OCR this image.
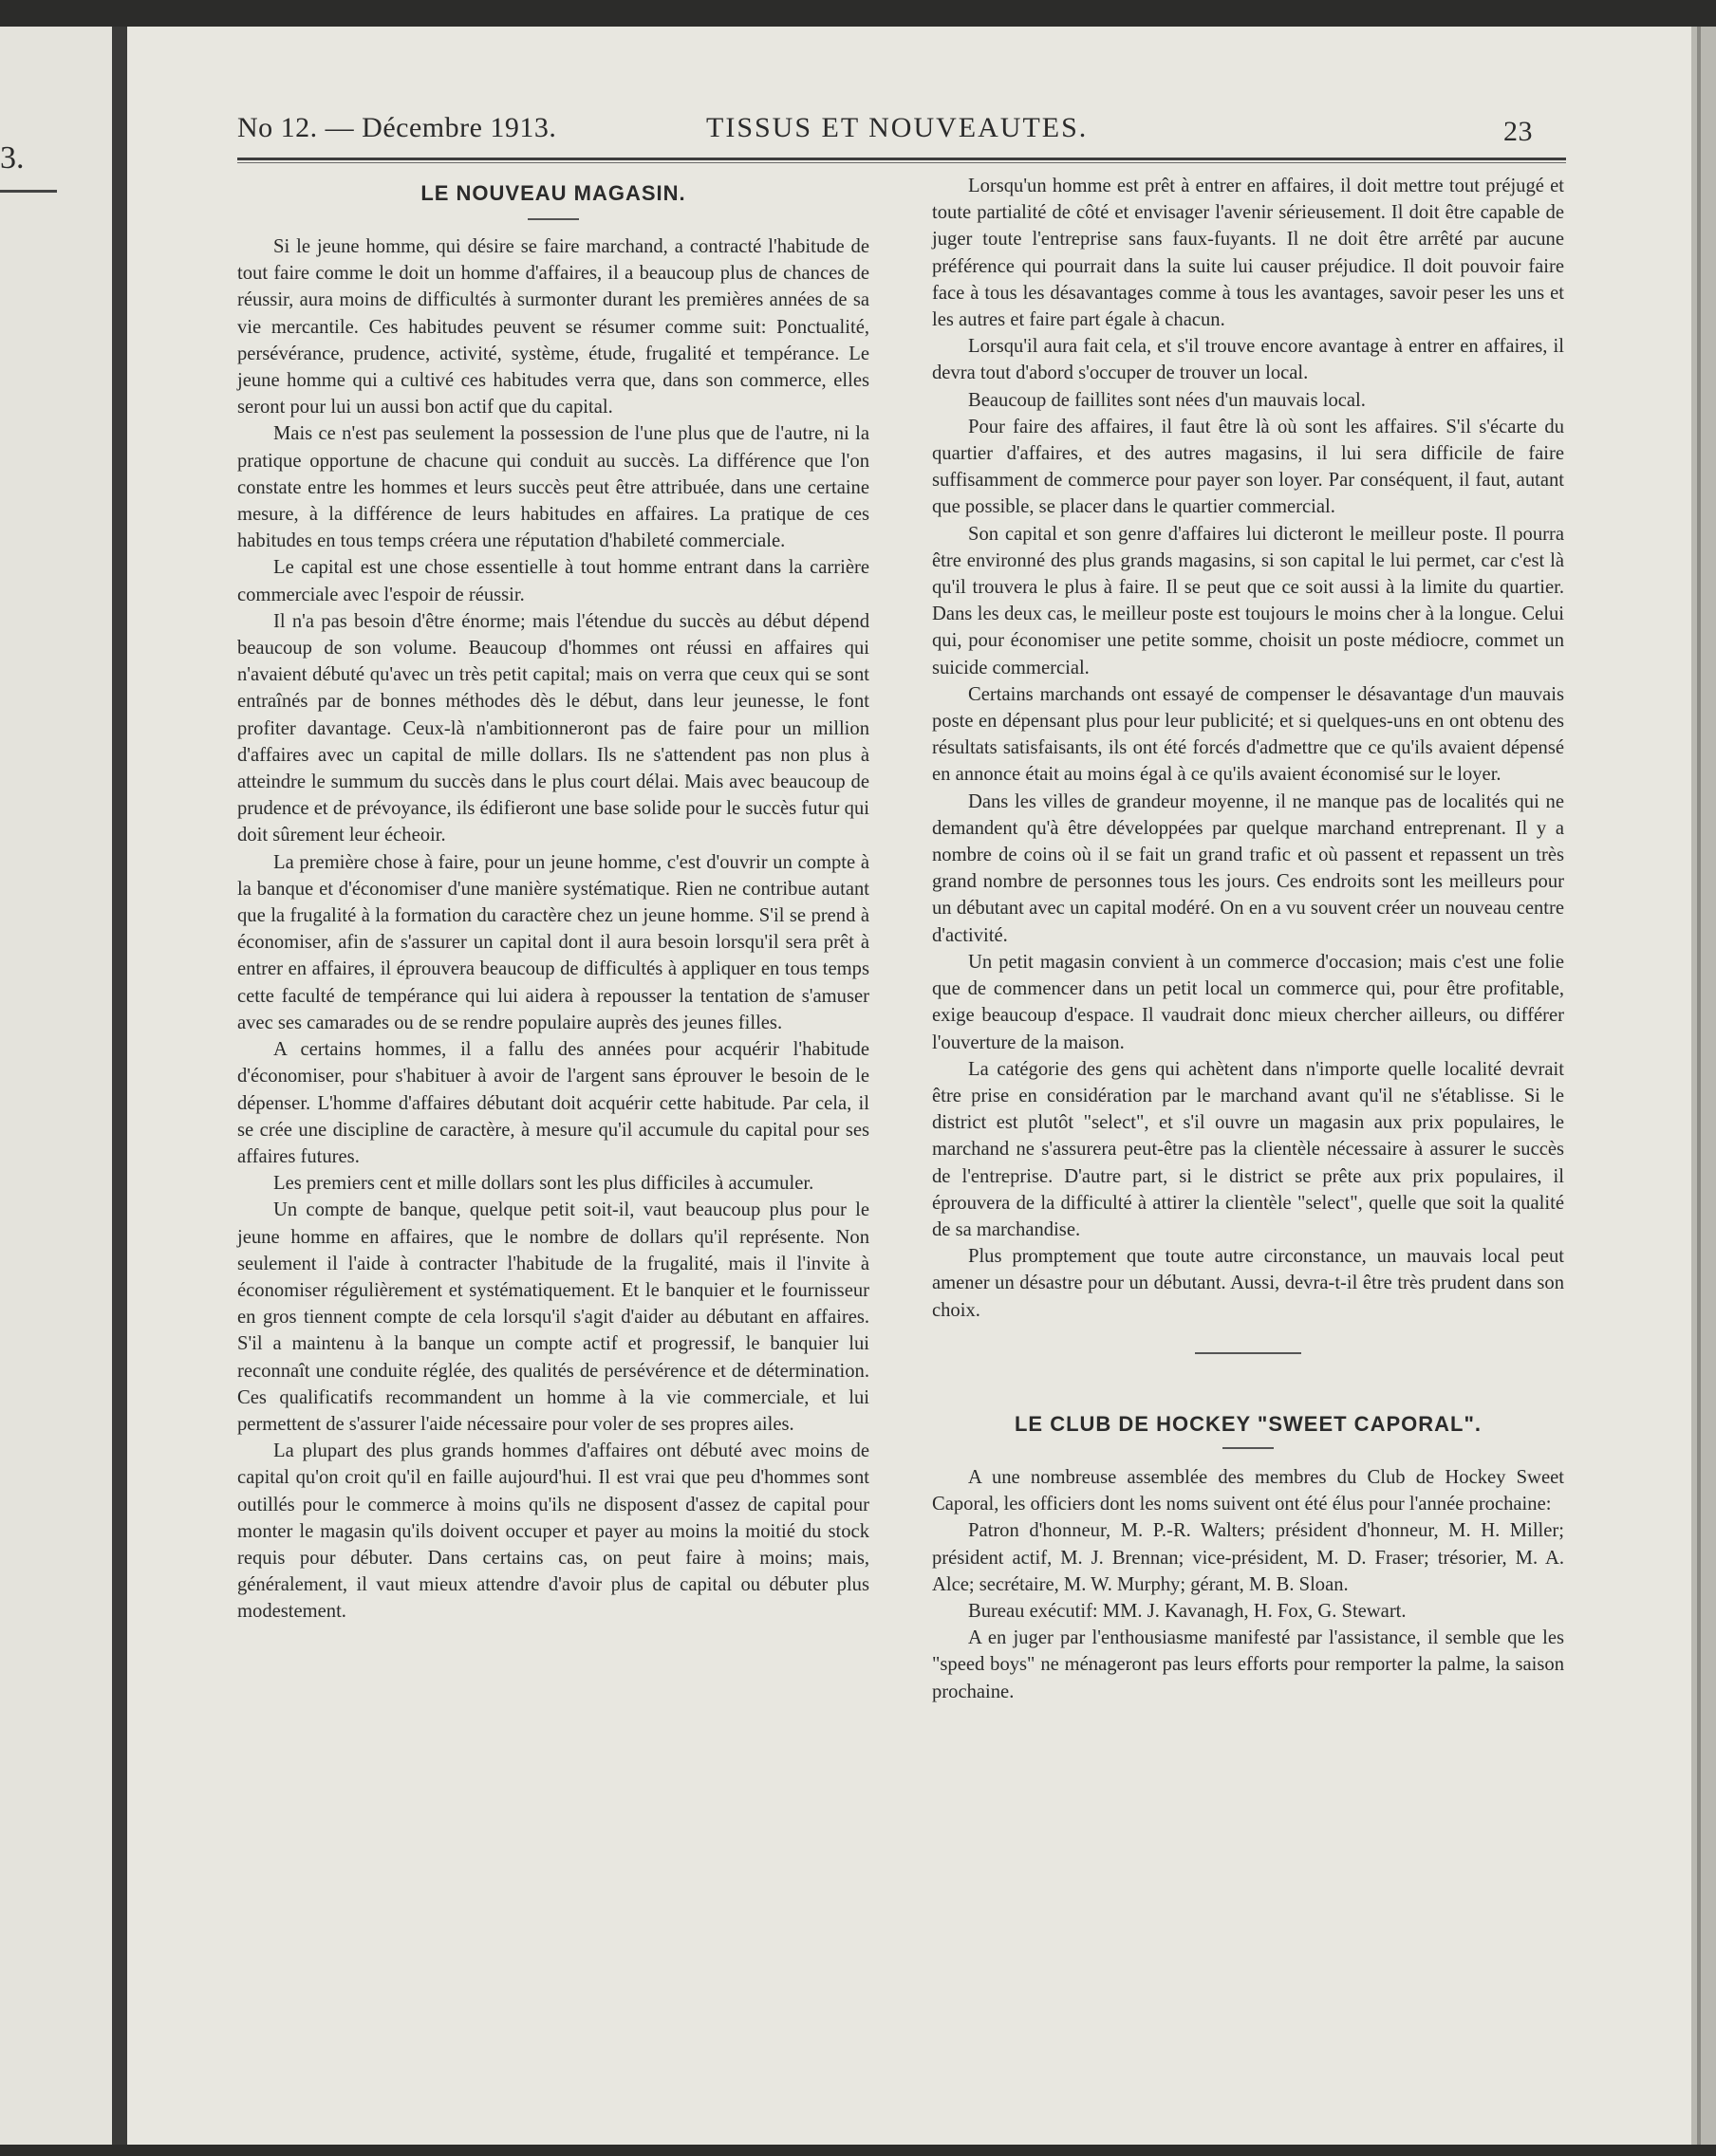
3.
No 12. — Décembre 1913.	TISSUS ET NOUVEAUTES.	23
LE NOUVEAU MAGASIN.

Si le jeune homme, qui désire se faire marchand, a contracté l'habitude de tout faire comme le doit un homme d'affaires, il a beaucoup plus de chances de réussir, aura moins de difficultés à surmonter durant les premières années de sa vie mercantile. Ces habitudes peuvent se résumer comme suit: Ponctualité, persévérance, prudence, activité, système, étude, frugalité et tempérance. Le jeune homme qui a cultivé ces habitudes verra que, dans son commerce, elles seront pour lui un aussi bon actif que du capital.

Mais ce n'est pas seulement la possession de l'une plus que de l'autre, ni la pratique opportune de chacune qui conduit au succès. La différence que l'on constate entre les hommes et leurs succès peut être attribuée, dans une certaine mesure, à la différence de leurs habitudes en affaires. La pratique de ces habitudes en tous temps créera une réputation d'habileté commerciale.

Le capital est une chose essentielle à tout homme entrant dans la carrière commerciale avec l'espoir de réussir.

Il n'a pas besoin d'être énorme; mais l'étendue du succès au début dépend beaucoup de son volume. Beaucoup d'hommes ont réussi en affaires qui n'avaient débuté qu'avec un très petit capital; mais on verra que ceux qui se sont entraînés par de bonnes méthodes dès le début, dans leur jeunesse, le font profiter davantage. Ceux-là n'ambitionneront pas de faire pour un million d'affaires avec un capital de mille dollars. Ils ne s'attendent pas non plus à atteindre le summum du succès dans le plus court délai. Mais avec beaucoup de prudence et de prévoyance, ils édifieront une base solide pour le succès futur qui doit sûrement leur écheoir.

La première chose à faire, pour un jeune homme, c'est d'ouvrir un compte à la banque et d'économiser d'une manière systématique. Rien ne contribue autant que la frugalité à la formation du caractère chez un jeune homme. S'il se prend à économiser, afin de s'assurer un capital dont il aura besoin lorsqu'il sera prêt à entrer en affaires, il éprouvera beaucoup de difficultés à appliquer en tous temps cette faculté de tempérance qui lui aidera à repousser la tentation de s'amuser avec ses camarades ou de se rendre populaire auprès des jeunes filles.

A certains hommes, il a fallu des années pour acquérir l'habitude d'économiser, pour s'habituer à avoir de l'argent sans éprouver le besoin de le dépenser. L'homme d'affaires débutant doit acquérir cette habitude. Par cela, il se crée une discipline de caractère, à mesure qu'il accumule du capital pour ses affaires futures.

Les premiers cent et mille dollars sont les plus difficiles à accumuler.

Un compte de banque, quelque petit soit-il, vaut beaucoup plus pour le jeune homme en affaires, que le nombre de dollars qu'il représente. Non seulement il l'aide à contracter l'habitude de la frugalité, mais il l'invite à économiser régulièrement et systématiquement. Et le banquier et le fournisseur en gros tiennent compte de cela lorsqu'il s'agit d'aider au débutant en affaires. S'il a maintenu à la banque un compte actif et progressif, le banquier lui reconnaît une conduite réglée, des qualités de persévérence et de détermination. Ces qualificatifs recommandent un homme à la vie commerciale, et lui permettent de s'assurer l'aide nécessaire pour voler de ses propres ailes.

La plupart des plus grands hommes d'affaires ont débuté avec moins de capital qu'on croit qu'il en faille aujourd'hui. Il est vrai que peu d'hommes sont outillés pour le commerce à moins qu'ils ne disposent d'assez de capital pour monter le magasin qu'ils doivent occuper et payer au moins la moitié du stock requis pour débuter. Dans certains cas, on peut faire à moins; mais, généralement, il vaut mieux attendre d'avoir plus de capital ou débuter plus modestement.

Lorsqu'un homme est prêt à entrer en affaires, il doit mettre tout préjugé et toute partialité de côté et envisager l'avenir sérieusement. Il doit être capable de juger toute l'entreprise sans faux-fuyants. Il ne doit être arrêté par aucune préférence qui pourrait dans la suite lui causer préjudice. Il doit pouvoir faire face à tous les désavantages comme à tous les avantages, savoir peser les uns et les autres et faire part égale à chacun.

Lorsqu'il aura fait cela, et s'il trouve encore avantage à entrer en affaires, il devra tout d'abord s'occuper de trouver un local.

Beaucoup de faillites sont nées d'un mauvais local.

Pour faire des affaires, il faut être là où sont les affaires. S'il s'écarte du quartier d'affaires, et des autres magasins, il lui sera difficile de faire suffisamment de commerce pour payer son loyer. Par conséquent, il faut, autant que possible, se placer dans le quartier commercial.

Son capital et son genre d'affaires lui dicteront le meilleur poste. Il pourra être environné des plus grands magasins, si son capital le lui permet, car c'est là qu'il trouvera le plus à faire. Il se peut que ce soit aussi à la limite du quartier. Dans les deux cas, le meilleur poste est toujours le moins cher à la longue. Celui qui, pour économiser une petite somme, choisit un poste médiocre, commet un suicide commercial.

Certains marchands ont essayé de compenser le désavantage d'un mauvais poste en dépensant plus pour leur publicité; et si quelques-uns en ont obtenu des résultats satisfaisants, ils ont été forcés d'admettre que ce qu'ils avaient dépensé en annonce était au moins égal à ce qu'ils avaient économisé sur le loyer.

Dans les villes de grandeur moyenne, il ne manque pas de localités qui ne demandent qu'à être développées par quelque marchand entreprenant. Il y a nombre de coins où il se fait un grand trafic et où passent et repassent un très grand nombre de personnes tous les jours. Ces endroits sont les meilleurs pour un débutant avec un capital modéré. On en a vu souvent créer un nouveau centre d'activité.

Un petit magasin convient à un commerce d'occasion; mais c'est une folie que de commencer dans un petit local un commerce qui, pour être profitable, exige beaucoup d'espace. Il vaudrait donc mieux chercher ailleurs, ou différer l'ouverture de la maison.

La catégorie des gens qui achètent dans n'importe quelle localité devrait être prise en considération par le marchand avant qu'il ne s'établisse. Si le district est plutôt "select", et s'il ouvre un magasin aux prix populaires, le marchand ne s'assurera peut-être pas la clientèle nécessaire à assurer le succès de l'entreprise. D'autre part, si le district se prête aux prix populaires, il éprouvera de la difficulté à attirer la clientèle "select", quelle que soit la qualité de sa marchandise.

Plus promptement que toute autre circonstance, un mauvais local peut amener un désastre pour un débutant. Aussi, devra-t-il être très prudent dans son choix.

LE CLUB DE HOCKEY "SWEET CAPORAL".

A une nombreuse assemblée des membres du Club de Hockey Sweet Caporal, les officiers dont les noms suivent ont été élus pour l'année prochaine:

Patron d'honneur, M. P.-R. Walters; président d'honneur, M. H. Miller; président actif, M. J. Brennan; vice-président, M. D. Fraser; trésorier, M. A. Alce; secrétaire, M. W. Murphy; gérant, M. B. Sloan.

Bureau exécutif: MM. J. Kavanagh, H. Fox, G. Stewart.

A en juger par l'enthousiasme manifesté par l'assistance, il semble que les "speed boys" ne ménageront pas leurs efforts pour remporter la palme, la saison prochaine.
